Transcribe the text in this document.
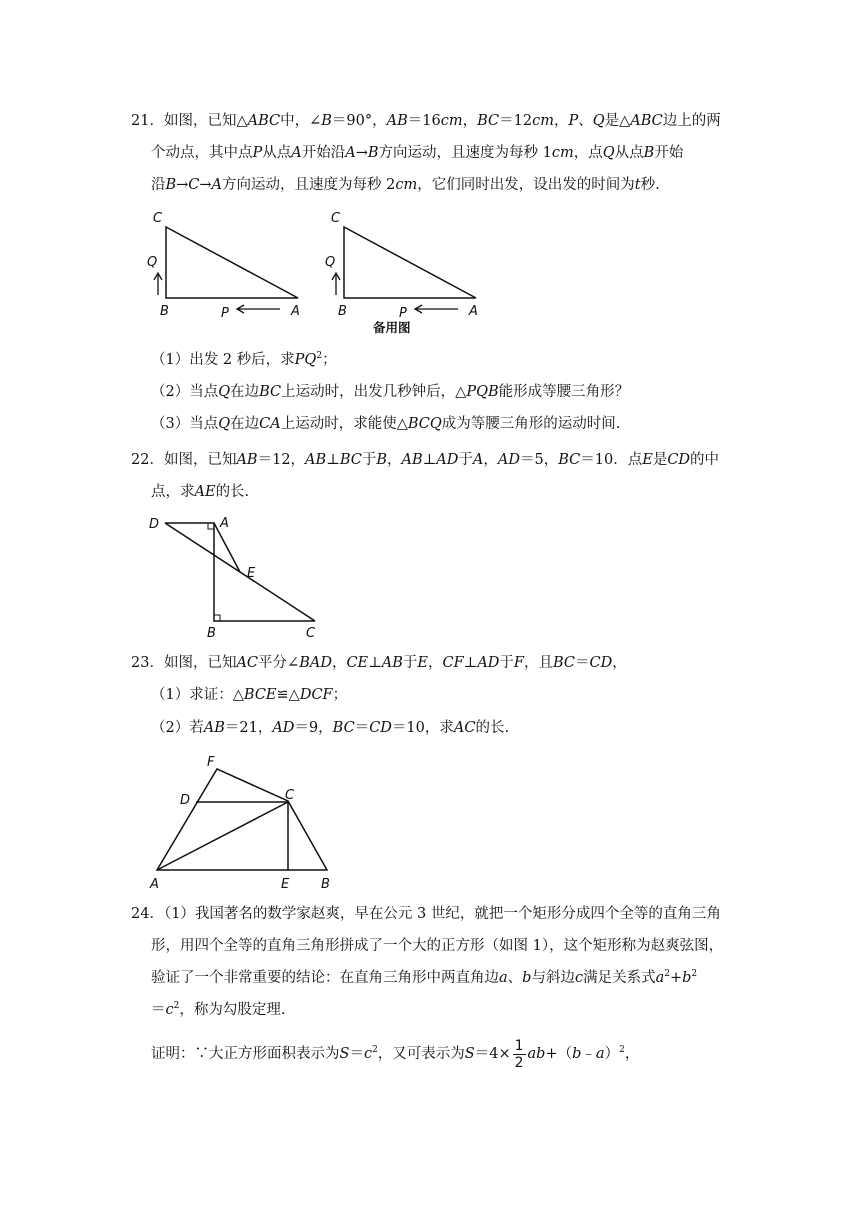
21．如图，已知△ABC中，∠B＝90°，AB＝16cm，BC＝12cm，P、Q是△ABC边上的两
个动点，其中点P从点A开始沿A→B方向运动，且速度为每秒 1cm，点Q从点B开始
沿B→C→A方向运动，且速度为每秒 2cm，它们同时出发，设出发的时间为t秒.
C
Q
B	P	A
C
Q
B	P	A
备用图
（1）出发 2 秒后，求$PQ^2$；
（2）当点Q在边BC上运动时，出发几秒钟后，△PQB能形成等腰三角形？
（3）当点Q在边CA上运动时，求能使△BCQ成为等腰三角形的运动时间.
22．如图，已知AB＝12，AB⊥BC于B，AB⊥AD于A，AD＝5，BC＝10．点E是CD的中
点，求AE的长.
D	A
E
B	C
23．如图，已知AC平分∠BAD，CE⊥AB于E，CF⊥AD于F，且BC＝CD，
（1）求证：△BCE≌△DCF；
（2）若AB＝21，AD＝9，BC＝CD＝10，求AC的长.
F
D	C
A	E B
24．（1）我国著名的数学家赵爽，早在公元 3 世纪，就把一个矩形分成四个全等的直角三角
形，用四个全等的直角三角形拼成了一个大的正方形（如图 1），这个矩形称为赵爽弦图，
验证了一个非常重要的结论：在直角三角形中两直角边a、b与斜边c满足关系式$a^2+b^2$
$=c^2$，称为勾股定理.
证明：∵大正方形面积表示为$S=c^2$，又可表示为$S=4\times \frac{1}{2}$ ab+（b﹣a）$^2$，
